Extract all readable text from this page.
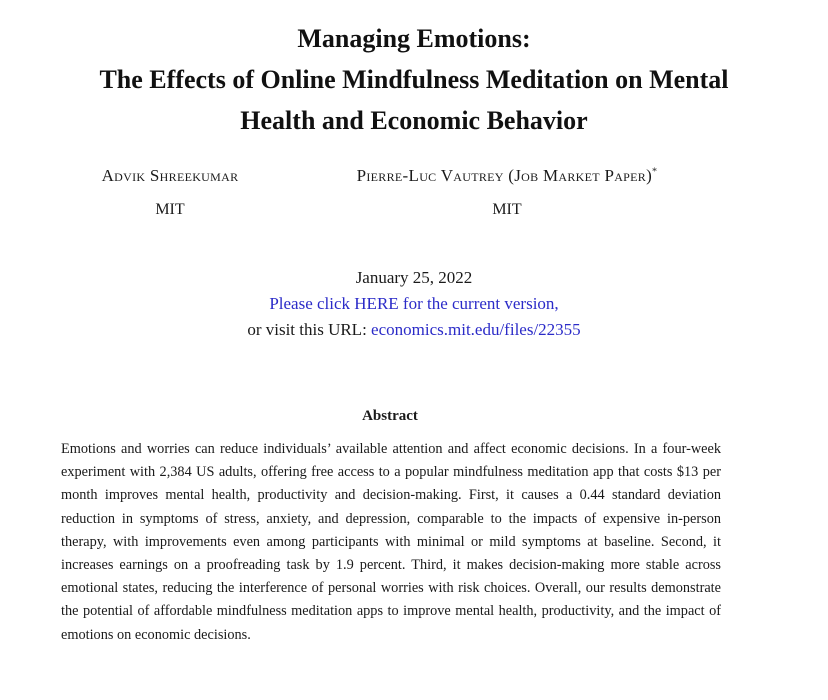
Managing Emotions:
The Effects of Online Mindfulness Meditation on Mental
Health and Economic Behavior
Advik Shreekumar
MIT
Pierre-Luc Vautrey (Job Market Paper)*
MIT
January 25, 2022
Please click HERE for the current version,
or visit this URL: economics.mit.edu/files/22355
Abstract
Emotions and worries can reduce individuals’ available attention and affect economic decisions. In a four-week experiment with 2,384 US adults, offering free access to a popular mindfulness meditation app that costs $13 per month improves mental health, productivity and decision-making. First, it causes a 0.44 standard deviation reduction in symptoms of stress, anxiety, and depression, comparable to the impacts of expensive in-person therapy, with improvements even among participants with minimal or mild symptoms at baseline. Second, it increases earnings on a proofreading task by 1.9 percent. Third, it makes decision-making more stable across emotional states, reducing the interference of personal worries with risk choices. Overall, our results demonstrate the potential of affordable mindfulness meditation apps to improve mental health, productivity, and the impact of emotions on economic decisions.
